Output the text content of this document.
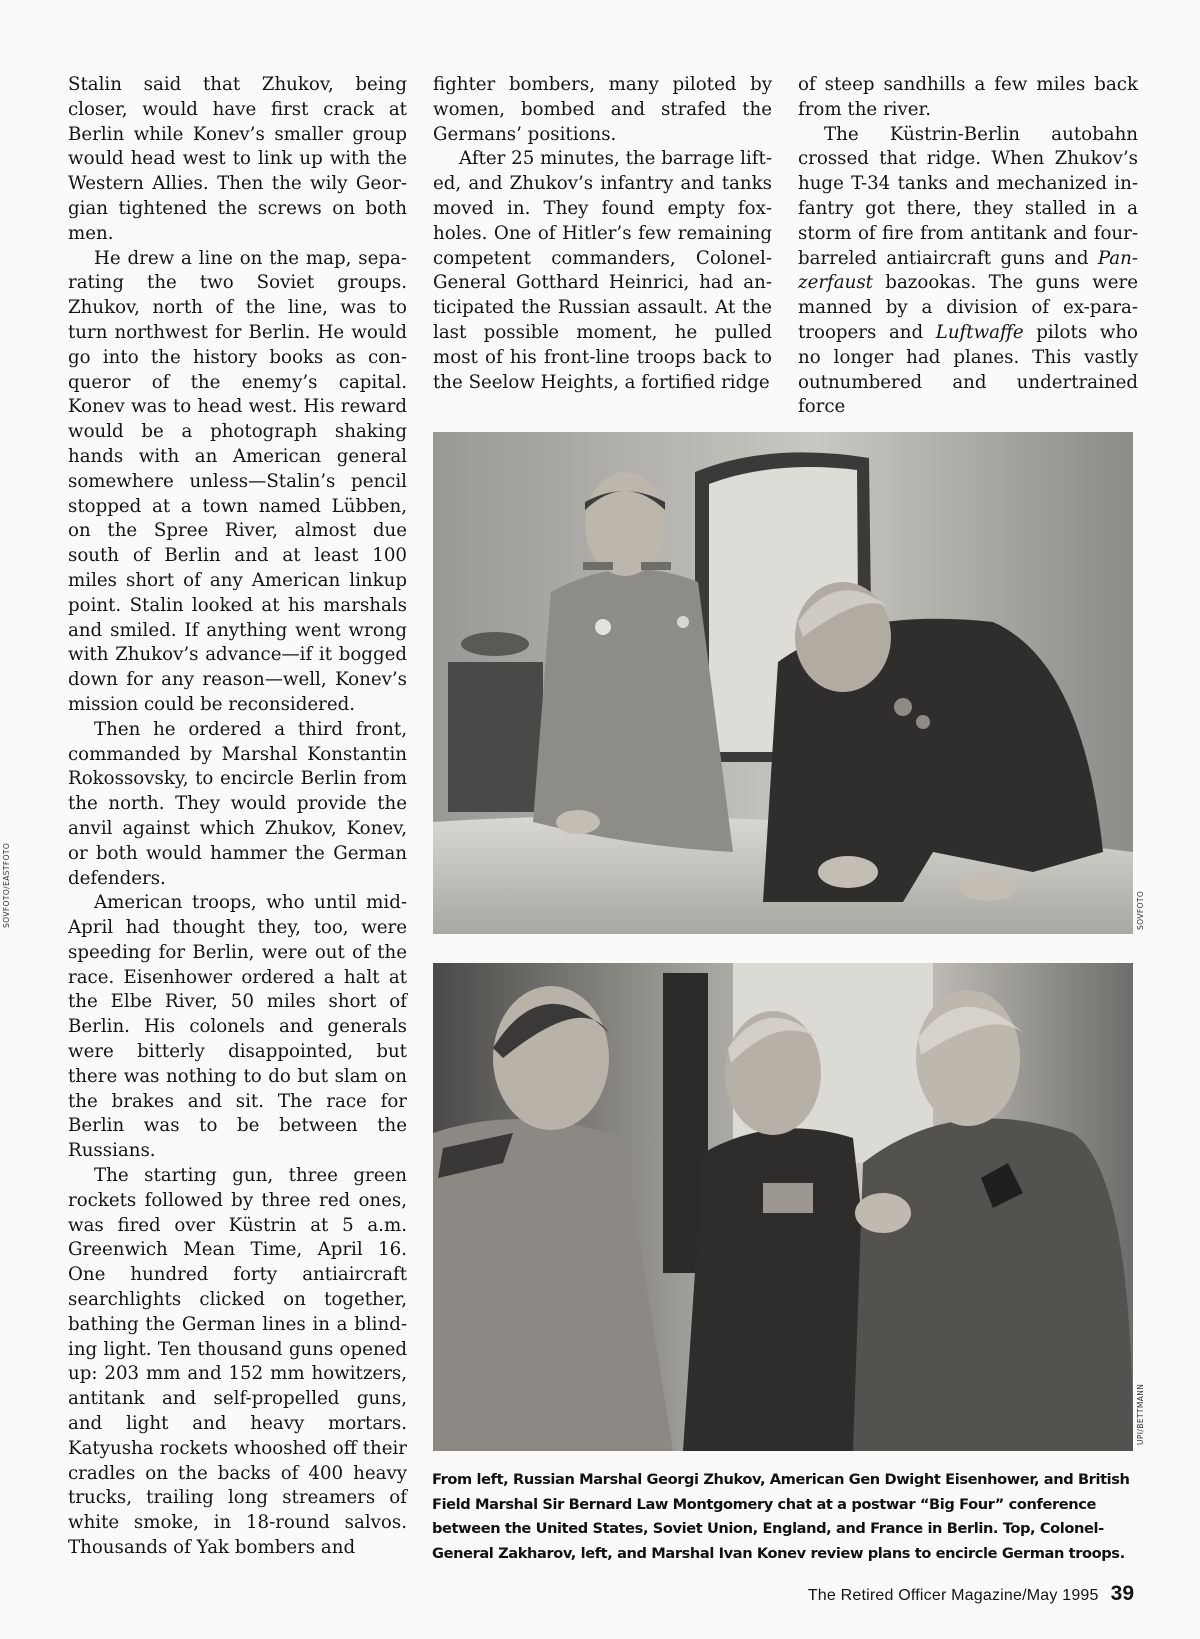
Stalin said that Zhukov, being closer, would have first crack at Berlin while Konev’s smaller group would head west to link up with the Western Allies. Then the wily Georgian tightened the screws on both men.

He drew a line on the map, separating the two Soviet groups. Zhukov, north of the line, was to turn northwest for Berlin. He would go into the history books as conqueror of the enemy’s capital. Konev was to head west. His reward would be a photograph shaking hands with an American general somewhere unless—Stalin’s pencil stopped at a town named Lübben, on the Spree River, almost due south of Berlin and at least 100 miles short of any American linkup point. Stalin looked at his marshals and smiled. If anything went wrong with Zhukov’s advance—if it bogged down for any reason—well, Konev’s mission could be reconsidered.

Then he ordered a third front, commanded by Marshal Konstantin Rokossovsky, to encircle Berlin from the north. They would provide the anvil against which Zhukov, Konev, or both would hammer the German defenders.

American troops, who until mid-April had thought they, too, were speeding for Berlin, were out of the race. Eisenhower ordered a halt at the Elbe River, 50 miles short of Berlin. His colonels and generals were bitterly disappointed, but there was nothing to do but slam on the brakes and sit. The race for Berlin was to be between the Russians.

The starting gun, three green rockets followed by three red ones, was fired over Küstrin at 5 a.m. Greenwich Mean Time, April 16. One hundred forty antiaircraft searchlights clicked on together, bathing the German lines in a blinding light. Ten thousand guns opened up: 203 mm and 152 mm howitzers, antitank and self-propelled guns, and light and heavy mortars. Katyusha rockets whooshed off their cradles on the backs of 400 heavy trucks, trailing long streamers of white smoke, in 18-round salvos. Thousands of Yak bombers and

fighter bombers, many piloted by women, bombed and strafed the Germans’ positions.

After 25 minutes, the barrage lifted, and Zhukov’s infantry and tanks moved in. They found empty foxholes. One of Hitler’s few remaining competent commanders, Colonel-General Gotthard Heinrici, had anticipated the Russian assault. At the last possible moment, he pulled most of his front-line troops back to the Seelow Heights, a fortified ridge

of steep sandhills a few miles back from the river.

The Küstrin-Berlin autobahn crossed that ridge. When Zhukov’s huge T-34 tanks and mechanized infantry got there, they stalled in a storm of fire from antitank and four-barreled antiaircraft guns and Panzerfaust bazookas. The guns were manned by a division of ex-paratroopers and Luftwaffe pilots who no longer had planes. This vastly outnumbered and undertrained force

SOVFOTO/EASTFOTO	SOVFOTO
UPI/BETTMANN
From left, Russian Marshal Georgi Zhukov, American Gen Dwight Eisenhower, and British Field Marshal Sir Bernard Law Montgomery chat at a postwar “Big Four” conference between the United States, Soviet Union, England, and France in Berlin. Top, Colonel-General Zakharov, left, and Marshal Ivan Konev review plans to encircle German troops.
The Retired Officer Magazine/May 1995 39
